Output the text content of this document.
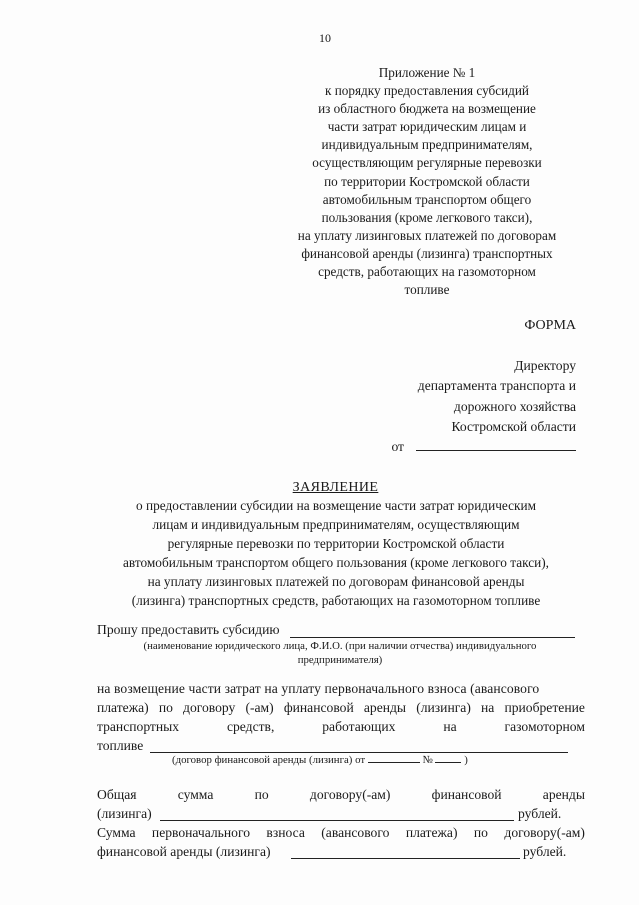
10
Приложение № 1
к порядку предоставления субсидий
из областного бюджета на возмещение
части затрат юридическим лицам и
индивидуальным предпринимателям,
осуществляющим регулярные перевозки
по территории Костромской области
автомобильным транспортом общего
пользования (кроме легкового такси),
на уплату лизинговых платежей по договорам
финансовой аренды (лизинга) транспортных
средств, работающих на газомоторном
топливе
ФОРМА
Директору
департамента транспорта и
дорожного хозяйства
Костромской области
от
ЗАЯВЛЕНИЕ
о предоставлении субсидии на возмещение части затрат юридическим
лицам и индивидуальным предпринимателям, осуществляющим
регулярные перевозки по территории Костромской области
автомобильным транспортом общего пользования (кроме легкового такси),
на уплату лизинговых платежей по договорам финансовой аренды
(лизинга) транспортных средств, работающих на газомоторном топливе
Прошу предоставить субсидию
(наименование юридического лица, Ф.И.О. (при наличии отчества) индивидуального
предпринимателя)
на возмещение части затрат на уплату первоначального взноса (авансового
платежа) по договору (-ам) финансовой аренды (лизинга) на приобретение
транспортных	средств,	работающих	на	газомоторном
топливе
(договор финансовой аренды (лизинга) от	№	)
Общая	сумма	по	договору(-ам)	финансовой	аренды
(лизинга)	рублей.
Сумма первоначального взноса (авансового платежа) по договору(-ам)
финансовой аренды (лизинга)	рублей.
